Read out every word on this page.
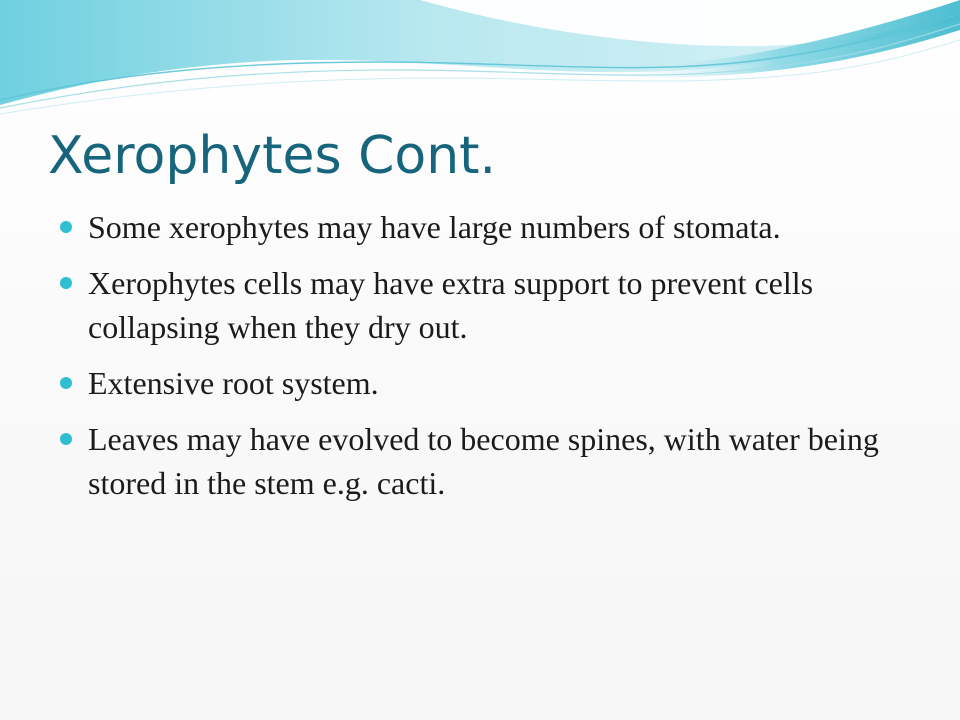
Xerophytes Cont.
Some xerophytes may have large numbers of stomata.
Xerophytes cells may have extra support to prevent cells collapsing when they dry out.
Extensive root system.
Leaves may have evolved to become spines, with water being stored in the stem e.g. cacti.
